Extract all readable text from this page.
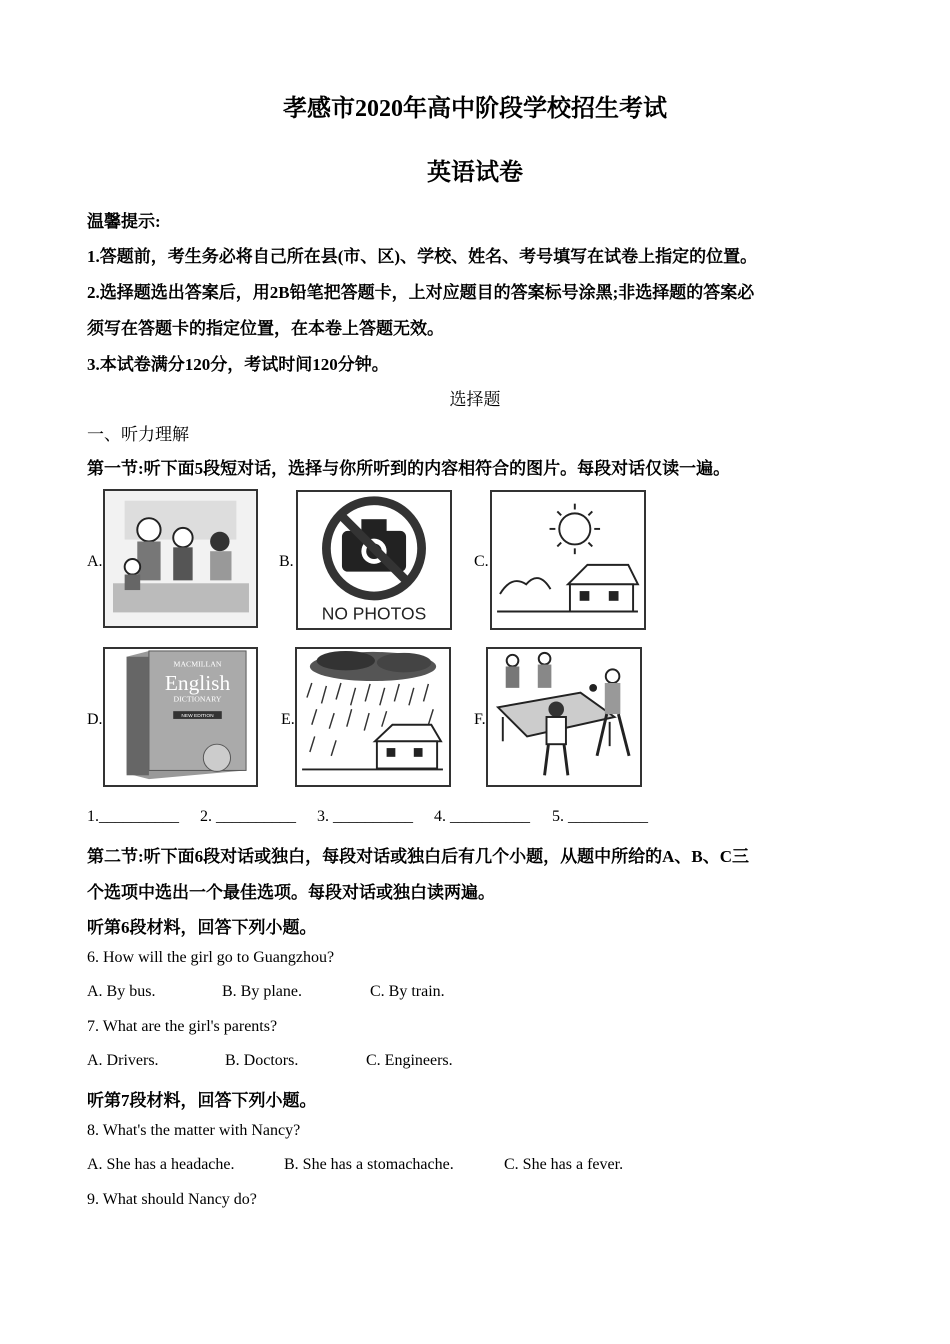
孝感市2020年高中阶段学校招生考试
英语试卷
温馨提示:
1.答题前，考生务必将自己所在县(市、区)、学校、姓名、考号填写在试卷上指定的位置。
2.选择题选出答案后，用2B铅笔把答题卡，上对应题目的答案标号涂黑;非选择题的答案必
须写在答题卡的指定位置，在本卷上答题无效。
3.本试卷满分120分，考试时间120分钟。
选择题
一、听力理解
第一节:听下面5段短对话，选择与你所听到的内容相符合的图片。每段对话仅读一遍。
A.	B.
NO PHOTOS
C.
D.
MACMILLAN
English
DICTIONARY
NEW EDITION	E.	F.
1.__________ 2. __________ 3. __________ 4. __________ 5. __________
第二节:听下面6段对话或独白，每段对话或独白后有几个小题，从题中所给的A、B、C三
个选项中选出一个最佳选项。每段对话或独白读两遍。
听第6段材料，回答下列小题。
6. How will the girl go to Guangzhou?
A. By bus.	B. By plane.	C. By train.
7. What are the girl's parents?
A. Drivers.	B. Doctors.	C. Engineers.
听第7段材料，回答下列小题。
8. What's the matter with Nancy?
A. She has a headache.	B. She has a stomachache.	C. She has a fever.
9. What should Nancy do?
